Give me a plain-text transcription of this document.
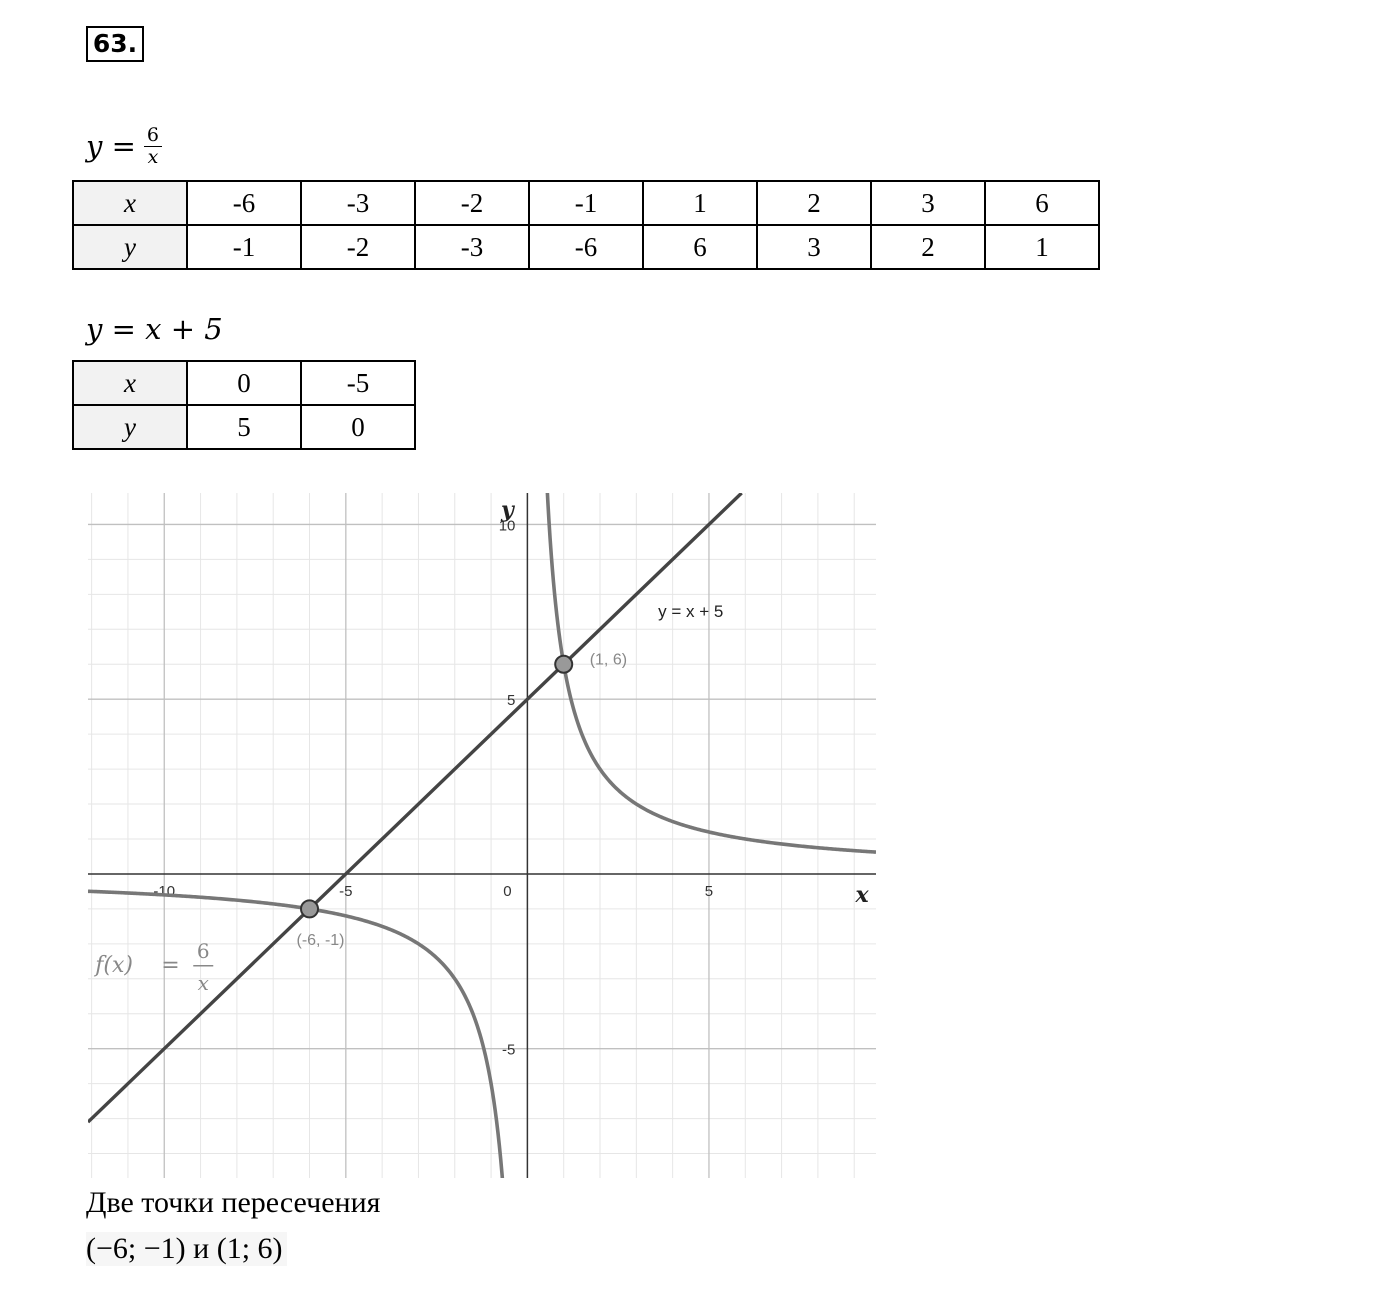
63.
$y = \frac{6}{x}$
x	-6	-3	-2	-1	1	2	3	6
y	-1	-2	-3	-6	6	3	2	1
y = x + 5
x	0	-5
y	5	0
-10	-5	0	5
-5
5
10
x
y
y = x + 5
f(x) =
6
x
(1, 6)
(-6, -1)
Две точки пересечения
(−6; −1) и (1; 6)
